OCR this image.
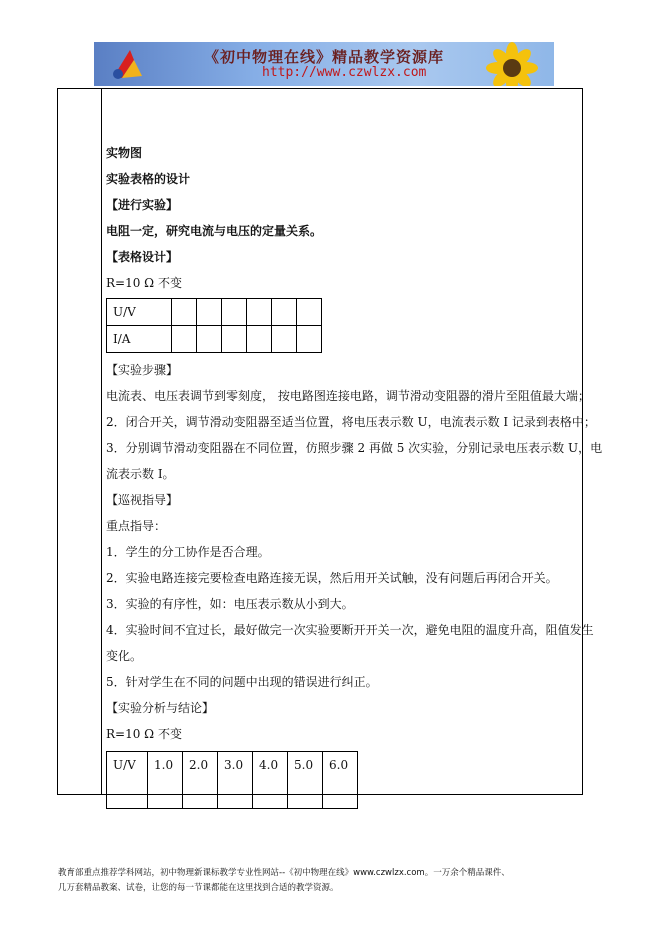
《初中物理在线》精品教学资源库
http://www.czwlzx.com
实物图
实验表格的设计
【进行实验】
电阻一定，研究电流与电压的定量关系。
【表格设计】
R=10 Ω 不变
U/V						
I/A						
【实验步骤】
电流表、电压表调节到零刻度， 按电路图连接电路，调节滑动变阻器的滑片至阻值最大端；
2．闭合开关，调节滑动变阻器至适当位置，将电压表示数 U，电流表示数 I 记录到表格中；
3．分别调节滑动变阻器在不同位置，仿照步骤 2 再做 5 次实验，分别记录电压表示数 U，电
流表示数 I。
【巡视指导】
重点指导：
1．学生的分工协作是否合理。
2．实验电路连接完要检查电路连接无误，然后用开关试触，没有问题后再闭合开关。
3．实验的有序性，如：电压表示数从小到大。
4．实验时间不宜过长，最好做完一次实验要断开开关一次，避免电阻的温度升高，阻值发生
变化。
5．针对学生在不同的问题中出现的错误进行纠正。
【实验分析与结论】
R=10 Ω 不变
U/V	1.0	2.0	3.0	4.0	5.0	6.0
教育部重点推荐学科网站，初中物理新课标教学专业性网站--《初中物理在线》www.czwlzx.com。一万余个精品课件、
几万套精品教案、试卷，让您的每一节课都能在这里找到合适的教学资源。
